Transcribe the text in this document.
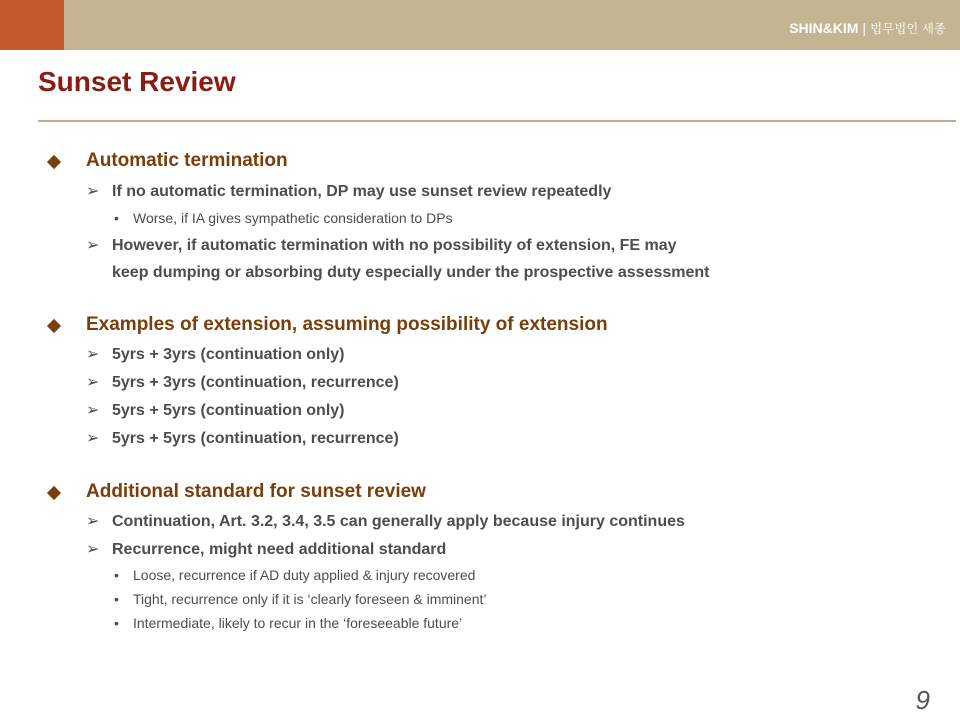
SHIN&KIM | 법무법인 세종
Sunset Review
Automatic termination
➢ If no automatic termination, DP may use sunset review repeatedly
• Worse, if IA gives sympathetic consideration to DPs
➢ However, if automatic termination with no possibility of extension, FE may
keep dumping or absorbing duty especially under the prospective assessment
Examples of extension, assuming possibility of extension
➢ 5yrs + 3yrs (continuation only)
➢ 5yrs + 3yrs (continuation, recurrence)
➢ 5yrs + 5yrs (continuation only)
➢ 5yrs + 5yrs (continuation, recurrence)
Additional standard for sunset review
➢ Continuation, Art. 3.2, 3.4, 3.5 can generally apply because injury continues
➢ Recurrence, might need additional standard
• Loose, recurrence if AD duty applied & injury recovered
• Tight, recurrence only if it is ‘clearly foreseen & imminent’
• Intermediate, likely to recur in the ‘foreseeable future’
9
